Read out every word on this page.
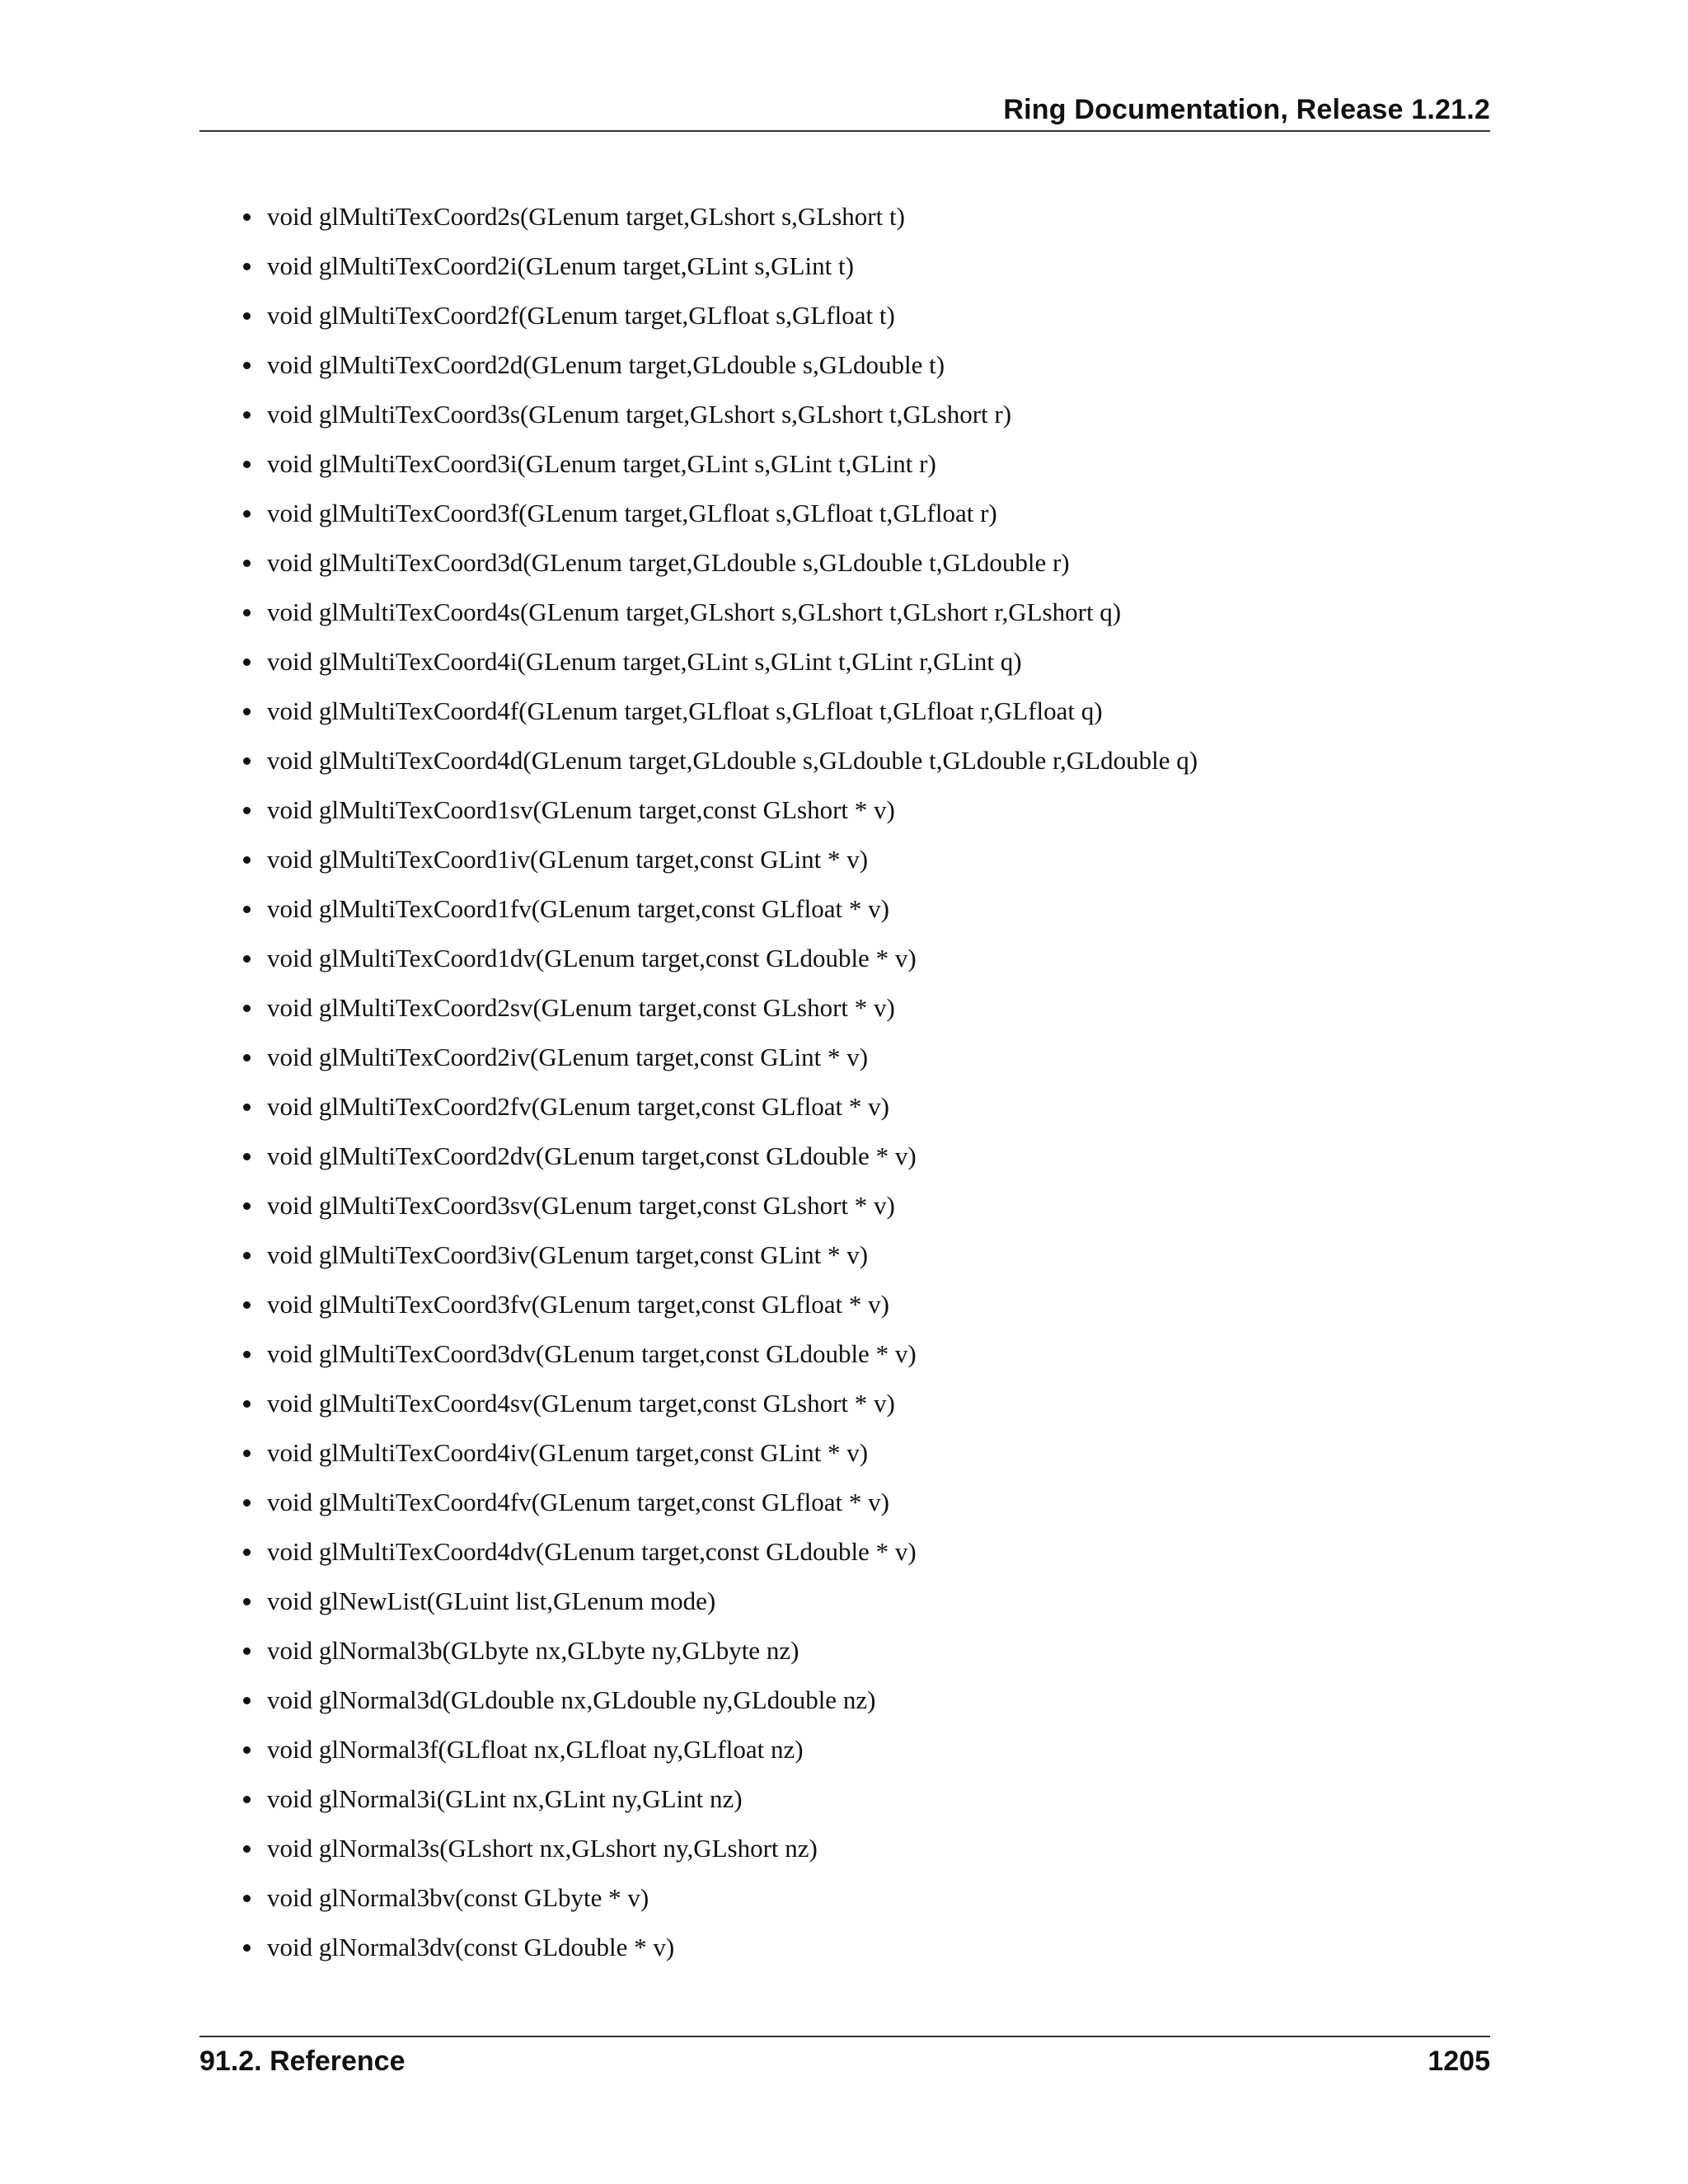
Ring Documentation, Release 1.21.2
void glMultiTexCoord2s(GLenum target,GLshort s,GLshort t)
void glMultiTexCoord2i(GLenum target,GLint s,GLint t)
void glMultiTexCoord2f(GLenum target,GLfloat s,GLfloat t)
void glMultiTexCoord2d(GLenum target,GLdouble s,GLdouble t)
void glMultiTexCoord3s(GLenum target,GLshort s,GLshort t,GLshort r)
void glMultiTexCoord3i(GLenum target,GLint s,GLint t,GLint r)
void glMultiTexCoord3f(GLenum target,GLfloat s,GLfloat t,GLfloat r)
void glMultiTexCoord3d(GLenum target,GLdouble s,GLdouble t,GLdouble r)
void glMultiTexCoord4s(GLenum target,GLshort s,GLshort t,GLshort r,GLshort q)
void glMultiTexCoord4i(GLenum target,GLint s,GLint t,GLint r,GLint q)
void glMultiTexCoord4f(GLenum target,GLfloat s,GLfloat t,GLfloat r,GLfloat q)
void glMultiTexCoord4d(GLenum target,GLdouble s,GLdouble t,GLdouble r,GLdouble q)
void glMultiTexCoord1sv(GLenum target,const GLshort * v)
void glMultiTexCoord1iv(GLenum target,const GLint * v)
void glMultiTexCoord1fv(GLenum target,const GLfloat * v)
void glMultiTexCoord1dv(GLenum target,const GLdouble * v)
void glMultiTexCoord2sv(GLenum target,const GLshort * v)
void glMultiTexCoord2iv(GLenum target,const GLint * v)
void glMultiTexCoord2fv(GLenum target,const GLfloat * v)
void glMultiTexCoord2dv(GLenum target,const GLdouble * v)
void glMultiTexCoord3sv(GLenum target,const GLshort * v)
void glMultiTexCoord3iv(GLenum target,const GLint * v)
void glMultiTexCoord3fv(GLenum target,const GLfloat * v)
void glMultiTexCoord3dv(GLenum target,const GLdouble * v)
void glMultiTexCoord4sv(GLenum target,const GLshort * v)
void glMultiTexCoord4iv(GLenum target,const GLint * v)
void glMultiTexCoord4fv(GLenum target,const GLfloat * v)
void glMultiTexCoord4dv(GLenum target,const GLdouble * v)
void glNewList(GLuint list,GLenum mode)
void glNormal3b(GLbyte nx,GLbyte ny,GLbyte nz)
void glNormal3d(GLdouble nx,GLdouble ny,GLdouble nz)
void glNormal3f(GLfloat nx,GLfloat ny,GLfloat nz)
void glNormal3i(GLint nx,GLint ny,GLint nz)
void glNormal3s(GLshort nx,GLshort ny,GLshort nz)
void glNormal3bv(const GLbyte * v)
void glNormal3dv(const GLdouble * v)
91.2. Reference	1205
